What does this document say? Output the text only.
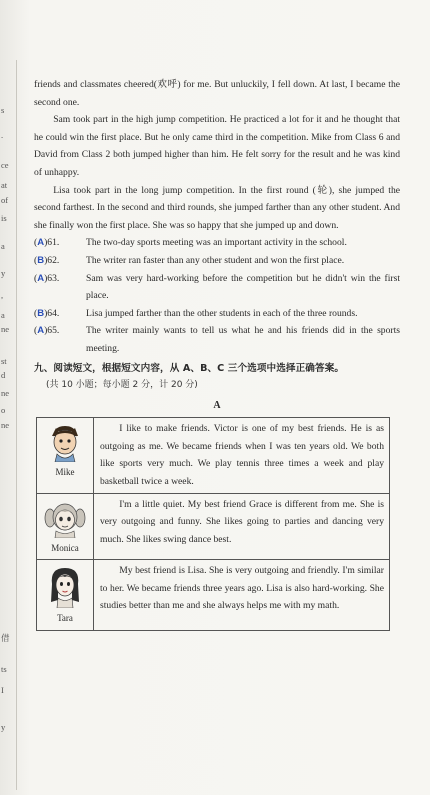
s
.
ce
at
of
is
a
y
,
a
ne
st
d
ne
o
ne
借
ts
I
y

friends and classmates cheered(欢呼) for me. But unluckily, I fell down. At last, I became the second one.

Sam took part in the high jump competition. He practiced a lot for it and he thought that he could win the first place. But he only came third in the competition. Mike from Class 6 and David from Class 2 both jumped higher than him. He felt sorry for the result and he was kind of unhappy.

Lisa took part in the long jump competition. In the first round (轮), she jumped the second farthest. In the second and third rounds, she jumped farther than any other student. And she finally won the first place. She was so happy that she jumped up and down.

(A)61.	The two-day sports meeting was an important activity in the school.
(B)62.	The writer ran faster than any other student and won the first place.
(A)63.	Sam was very hard-working before the competition but he didn't win the first place.
(B)64.	Lisa jumped farther than the other students in each of the three rounds.
(A)65.	The writer mainly wants to tell us what he and his friends did in the sports meeting.
九、阅读短文，根据短文内容，从 A、B、C 三个选项中选择正确答案。
(共 10 小题；每小题 2 分，计 20 分)
A
Mike	I like to make friends. Victor is one of my best friends. He is as outgoing as me. We became friends when I was ten years old. We both like sports very much. We play tennis three times a week and play basketball twice a week.

Monica	I'm a little quiet. My best friend Grace is different from me. She is very outgoing and funny. She likes going to parties and dancing very much. She likes swing dance best.

Tara	My best friend is Lisa. She is very outgoing and friendly. I'm similar to her. We became friends three years ago. Lisa is also hard-working. She studies better than me and she always helps me with my math.
